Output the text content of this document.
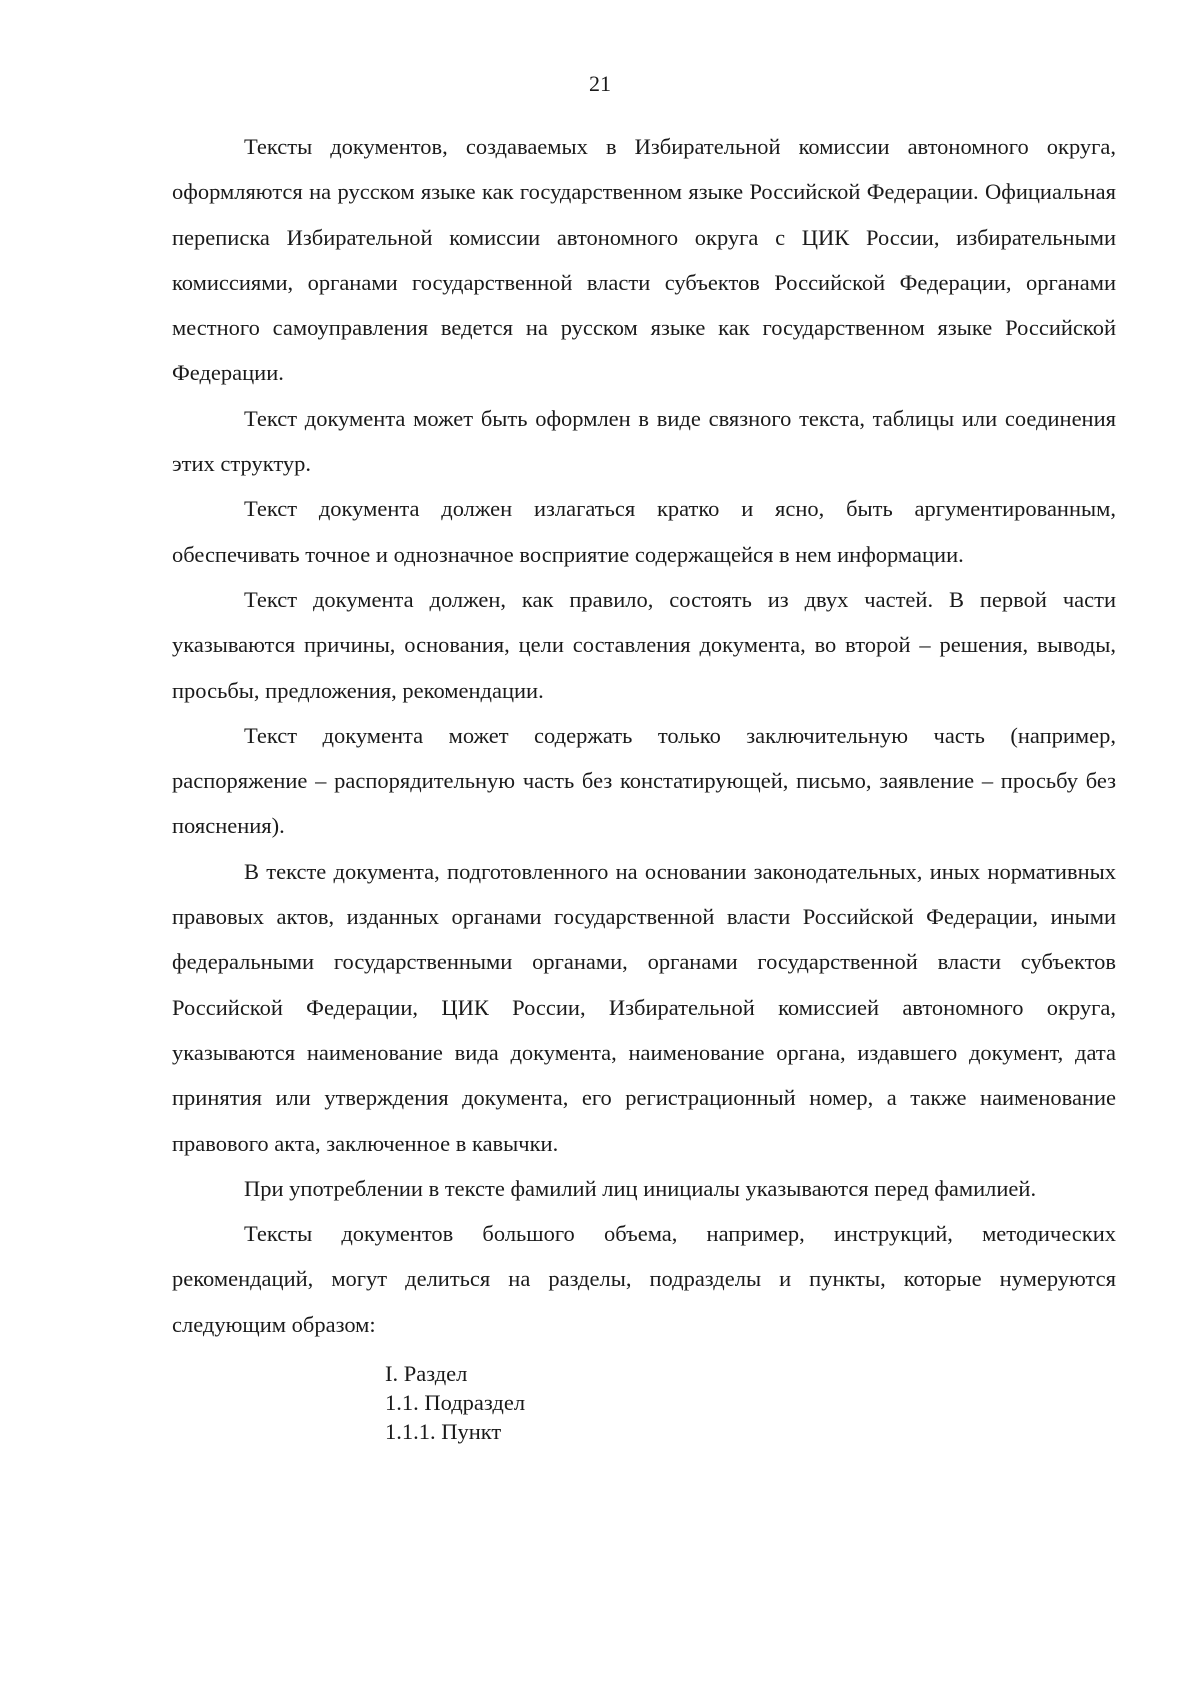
21

Тексты документов, создаваемых в Избирательной комиссии автономного округа, оформляются на русском языке как государственном языке Российской Федерации. Официальная переписка Избирательной комиссии автономного округа с ЦИК России, избирательными комиссиями, органами государственной власти субъектов Российской Федерации, органами местного самоуправления ведется на русском языке как государственном языке Российской Федерации.

Текст документа может быть оформлен в виде связного текста, таблицы или соединения этих структур.

Текст документа должен излагаться кратко и ясно, быть аргументированным, обеспечивать точное и однозначное восприятие содержащейся в нем информации.

Текст документа должен, как правило, состоять из двух частей. В первой части указываются причины, основания, цели составления документа, во второй – решения, выводы, просьбы, предложения, рекомендации.

Текст документа может содержать только заключительную часть (например, распоряжение – распорядительную часть без констатирующей, письмо, заявление – просьбу без пояснения).

В тексте документа, подготовленного на основании законодательных, иных нормативных правовых актов, изданных органами государственной власти Российской Федерации, иными федеральными государственными органами, органами государственной власти субъектов Российской Федерации, ЦИК России, Избирательной комиссией автономного округа, указываются наименование вида документа, наименование органа, издавшего документ, дата принятия или утверждения документа, его регистрационный номер, а также наименование правового акта, заключенное в кавычки.

При употреблении в тексте фамилий лиц инициалы указываются перед фамилией.

Тексты документов большого объема, например, инструкций, методических рекомендаций, могут делиться на разделы, подразделы и пункты, которые нумеруются следующим образом:

I. Раздел
1.1. Подраздел
1.1.1. Пункт
